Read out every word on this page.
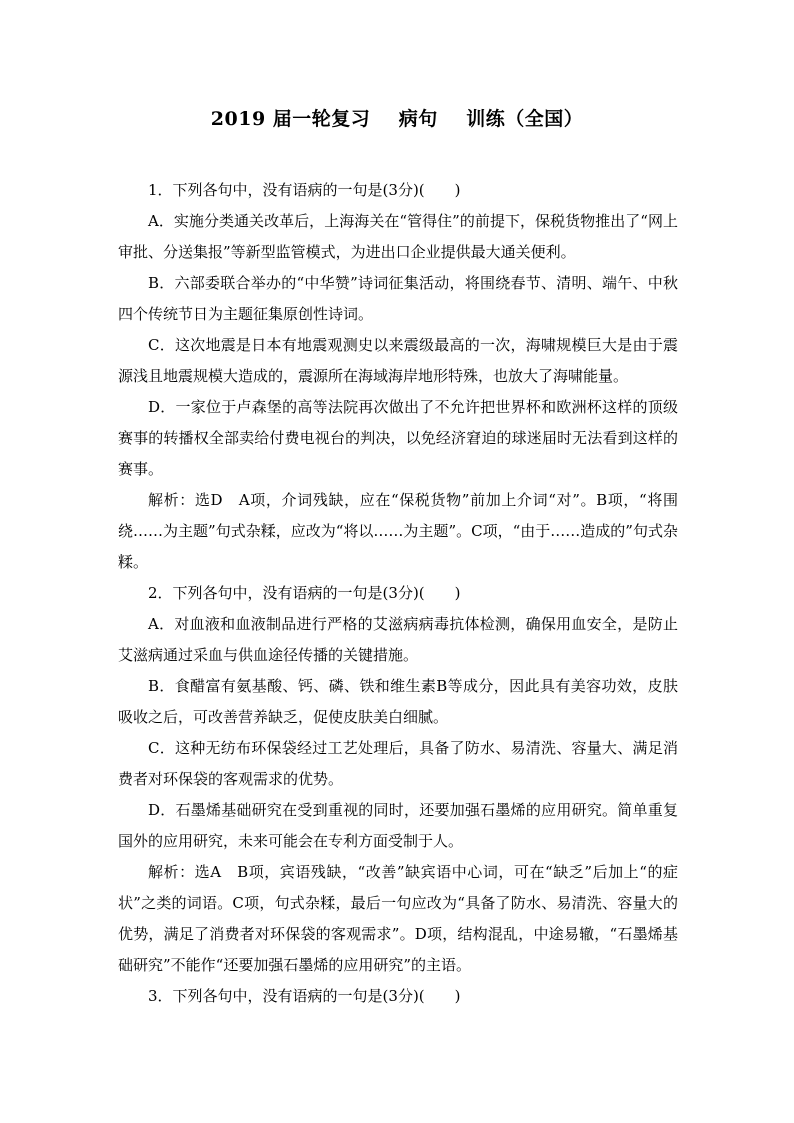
2019 届一轮复习    病句    训练（全国）

1．下列各句中，没有语病的一句是(3分)(　　)

A．实施分类通关改革后，上海海关在“管得住”的前提下，保税货物推出了“网上审批、分送集报”等新型监管模式，为进出口企业提供最大通关便利。

B．六部委联合举办的“中华赞”诗词征集活动，将围绕春节、清明、端午、中秋四个传统节日为主题征集原创性诗词。

C．这次地震是日本有地震观测史以来震级最高的一次，海啸规模巨大是由于震源浅且地震规模大造成的，震源所在海域海岸地形特殊，也放大了海啸能量。

D．一家位于卢森堡的高等法院再次做出了不允许把世界杯和欧洲杯这样的顶级赛事的转播权全部卖给付费电视台的判决，以免经济窘迫的球迷届时无法看到这样的赛事。

解析：选D　A项，介词残缺，应在“保税货物”前加上介词“对”。B项，“将围绕……为主题”句式杂糅，应改为“将以……为主题”。C项，“由于……造成的”句式杂糅。

2．下列各句中，没有语病的一句是(3分)(　　)

A．对血液和血液制品进行严格的艾滋病病毒抗体检测，确保用血安全，是防止艾滋病通过采血与供血途径传播的关键措施。

B．食醋富有氨基酸、钙、磷、铁和维生素B等成分，因此具有美容功效，皮肤吸收之后，可改善营养缺乏，促使皮肤美白细腻。

C．这种无纺布环保袋经过工艺处理后，具备了防水、易清洗、容量大、满足消费者对环保袋的客观需求的优势。

D．石墨烯基础研究在受到重视的同时，还要加强石墨烯的应用研究。简单重复国外的应用研究，未来可能会在专利方面受制于人。

解析：选A　B项，宾语残缺，“改善”缺宾语中心词，可在“缺乏”后加上“的症状”之类的词语。C项，句式杂糅，最后一句应改为“具备了防水、易清洗、容量大的优势，满足了消费者对环保袋的客观需求”。D项，结构混乱，中途易辙，“石墨烯基础研究”不能作“还要加强石墨烯的应用研究”的主语。

3．下列各句中，没有语病的一句是(3分)(　　)
